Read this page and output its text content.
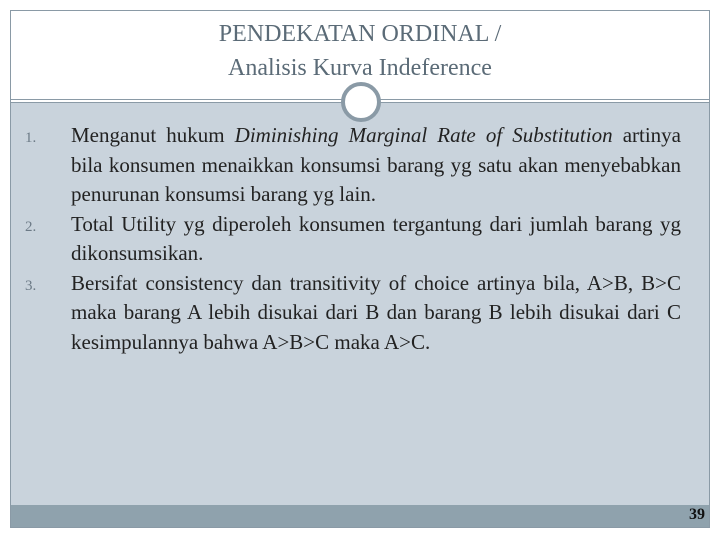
PENDEKATAN ORDINAL /
Analisis Kurva Indeference
1. Menganut hukum Diminishing Marginal Rate of Substitution artinya bila konsumen menaikkan konsumsi barang yg satu akan menyebabkan penurunan konsumsi barang yg lain.
2. Total Utility yg diperoleh konsumen tergantung dari jumlah barang yg dikonsumsikan.
3. Bersifat consistency dan transitivity of choice artinya bila, A>B, B>C maka barang A lebih disukai dari B dan barang B lebih disukai dari C kesimpulannya bahwa A>B>C maka A>C.
39
